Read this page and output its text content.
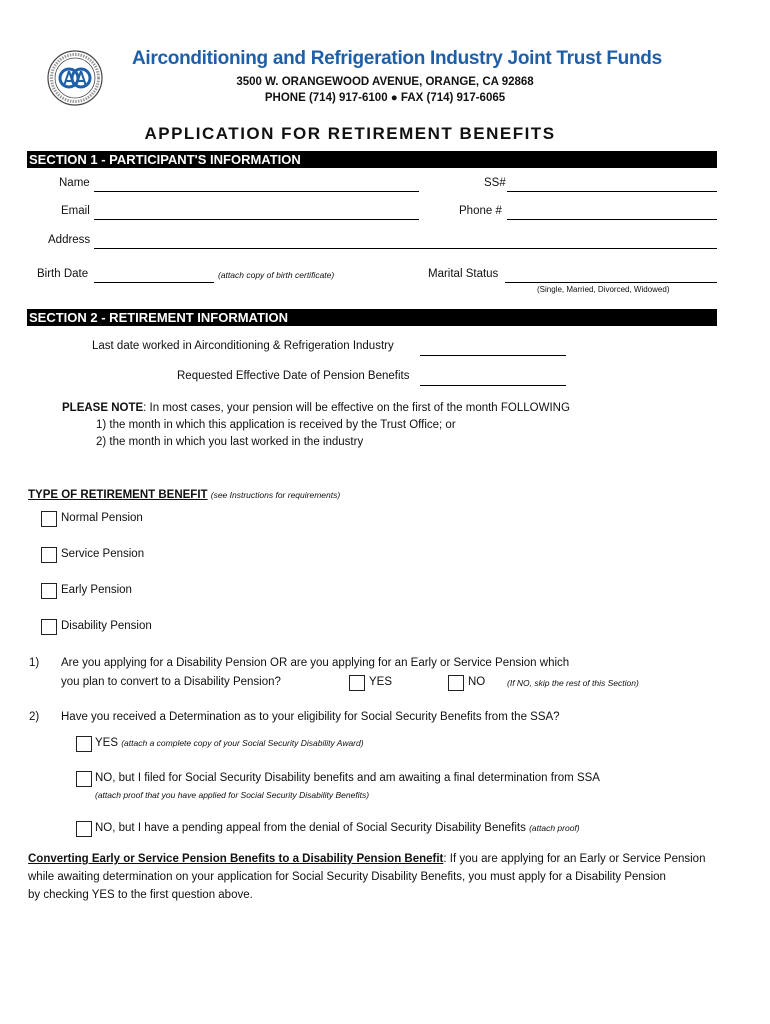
Airconditioning and Refrigeration Industry Joint Trust Funds
3500 W. ORANGEWOOD AVENUE, ORANGE, CA 92868
PHONE (714) 917-6100 ● FAX (714) 917-6065
APPLICATION FOR RETIREMENT BENEFITS
SECTION 1 - PARTICIPANT'S INFORMATION
Name	SS#
Email	Phone #
Address
Birth Date	(attach copy of birth certificate)	Marital Status
(Single, Married, Divorced, Widowed)
SECTION 2 - RETIREMENT INFORMATION
Last date worked in Airconditioning & Refrigeration Industry
Requested Effective Date of Pension Benefits
PLEASE NOTE: In most cases, your pension will be effective on the first of the month FOLLOWING
1) the month in which this application is received by the Trust Office; or
2) the month in which you last worked in the industry
TYPE OF RETIREMENT BENEFIT (see Instructions for requirements)
Normal Pension
Service Pension
Early Pension
Disability Pension
1) Are you applying for a Disability Pension OR are you applying for an Early or Service Pension which
you plan to convert to a Disability Pension?	YES	NO	(If NO, skip the rest of this Section)
2) Have you received a Determination as to your eligibility for Social Security Benefits from the SSA?
YES (attach a complete copy of your Social Security Disability Award)
NO, but I filed for Social Security Disability benefits and am awaiting a final determination from SSA
(attach proof that you have applied for Social Security Disability Benefits)
NO, but I have a pending appeal from the denial of Social Security Disability Benefits (attach proof)
Converting Early or Service Pension Benefits to a Disability Pension Benefit: If you are applying for an Early or Service Pension
while awaiting determination on your application for Social Security Disability Benefits, you must apply for a Disability Pension
by checking YES to the first question above.
